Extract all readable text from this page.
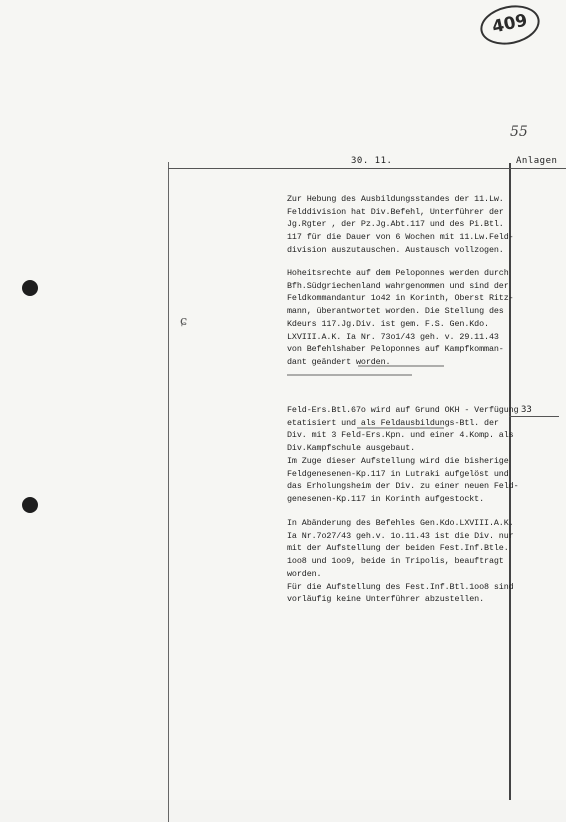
409
55
30. 11.	Anlagen
Zur Hebung des Ausbildungsstandes der 11.Lw.
Felddivision hat Div.Befehl, Unterführer der
Jg.Rgter , der Pz.Jg.Abt.117 und des Pi.Btl.
117 für die Dauer von 6 Wochen mit 11.Lw.Feld-
division auszutauschen. Austausch vollzogen.
Hoheitsrechte auf dem Peloponnes werden durch
Bfh.Südgriechenland wahrgenommen und sind der
Feldkommandantur 1o42 in Korinth, Oberst Ritz-
mann, überantwortet worden. Die Stellung des
Kdeurs 117.Jg.Div. ist gem. F.S. Gen.Kdo.
LXVIII.A.K. Ia Nr. 73o1/43 geh. v. 29.11.43
von Befehlshaber Peloponnes auf Kampfkomman-
dant geändert worden.
Feld-Ers.Btl.67o wird auf Grund OKH - Verfügung
etatisiert und als Feldausbildungs-Btl. der
Div. mit 3 Feld-Ers.Kpn. und einer 4.Komp. als
Div.Kampfschule ausgebaut.
Im Zuge dieser Aufstellung wird die bisherige
Feldgenesenen-Kp.117 in Lutraki aufgelöst und
das Erholungsheim der Div. zu einer neuen Feld-
genesenen-Kp.117 in Korinth aufgestockt.
In Abänderung des Befehles Gen.Kdo.LXVIII.A.K.
Ia Nr.7o27/43 geh.v. 1o.11.43 ist die Div. nur
mit der Aufstellung der beiden Fest.Inf.Btle.
1oo8 und 1oo9, beide in Tripolis, beauftragt
worden.
Für die Aufstellung des Fest.Inf.Btl.1oo8 sind
vorläufig keine Unterführer abzustellen.
33
ɕ
